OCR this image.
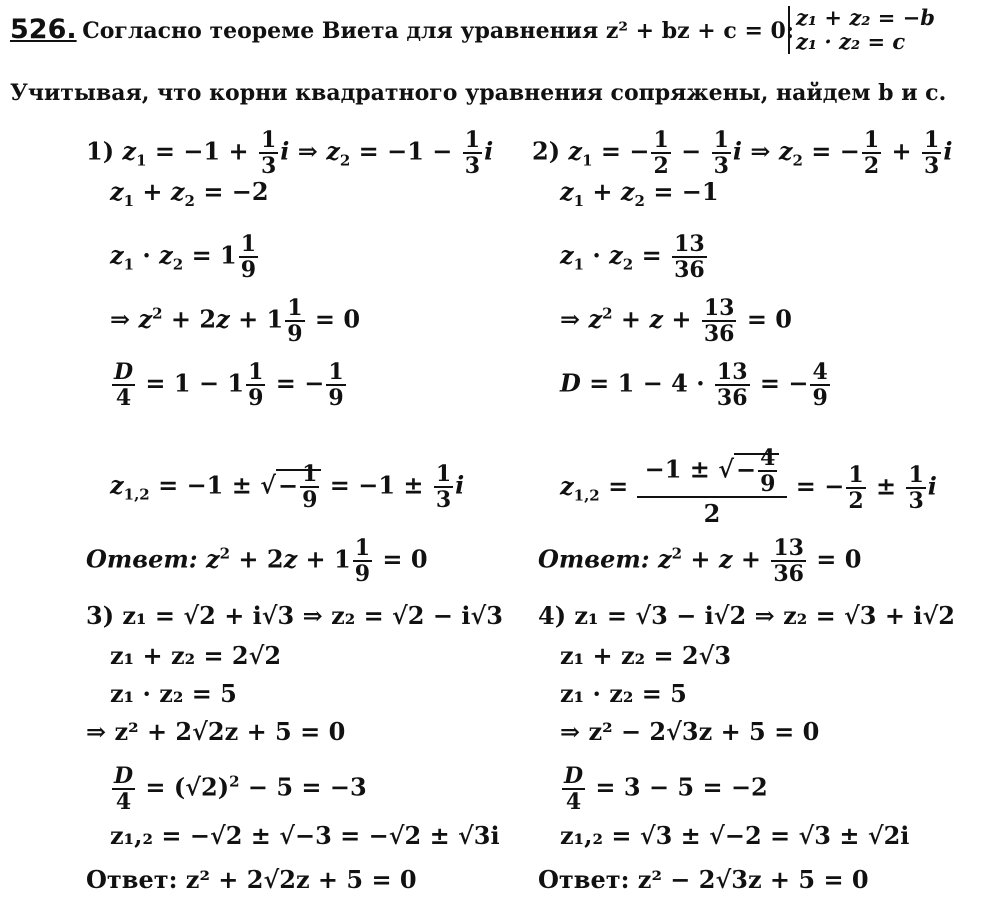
526. Согласно теореме Виета для уравнения z² + bz + c = 0:
z₁ + z₂ = −b
z₁ · z₂ = c
Учитывая, что корни квадратного уравнения сопряжены, найдем b и c.
1) $z_1 = -1 + \frac{1}{3}$ i ⇒ $z_2 = -1 - \frac{1}{3}$ i
$z_1 + z_2 = -2$
$z_1 \cdot z_2 = 1 \frac{1}{9}$
⇒ $z^2 + 2z + 1 \frac{1}{9} = 0$
$\frac{D}{4} = 1 - 1 \frac{1}{9}$ = − $\frac{1}{9}$
$z_{1,2} = -1$ ± √− $\frac{1}{9} = -1 \pm \frac{1}{3}$ i
Ответ: $z^2 + 2z + 1 \frac{1}{9} = 0$
2) $z_1$ = − $\frac{1}{2} - \frac{1}{3}$ i ⇒ $z_2$ = − $\frac{1}{2} + \frac{1}{3}$ i
$z_1 + z_2 = -1$
$z_1 \cdot z_2 = \frac{13}{36}$
⇒ $z^2 + z + \frac{13}{36} = 0$
$D = 1 - 4 \cdot \frac{13}{36}$ = − $\frac{4}{9}$
$z_{1,2} = \frac{-1 \pm √- \frac{4}{9}}{2}$ = − $\frac{1}{2} \pm \frac{1}{3}$ i
Ответ: $z^2 + z + \frac{13}{36} = 0$
3) z₁ = √2 + i√3 ⇒ z₂ = √2 − i√3
z₁ + z₂ = 2√2
z₁ · z₂ = 5
⇒ z² + 2√2z + 5 = 0
$\frac{D}{4} = (√2)^2 - 5 = -3$
z₁,₂ = −√2 ± √−3 = −√2 ± √3i
Ответ: z² + 2√2z + 5 = 0
4) z₁ = √3 − i√2 ⇒ z₂ = √3 + i√2
z₁ + z₂ = 2√3
z₁ · z₂ = 5
⇒ z² − 2√3z + 5 = 0
$\frac{D}{4} = 3 - 5 = -2$
z₁,₂ = √3 ± √−2 = √3 ± √2i
Ответ: z² − 2√3z + 5 = 0
